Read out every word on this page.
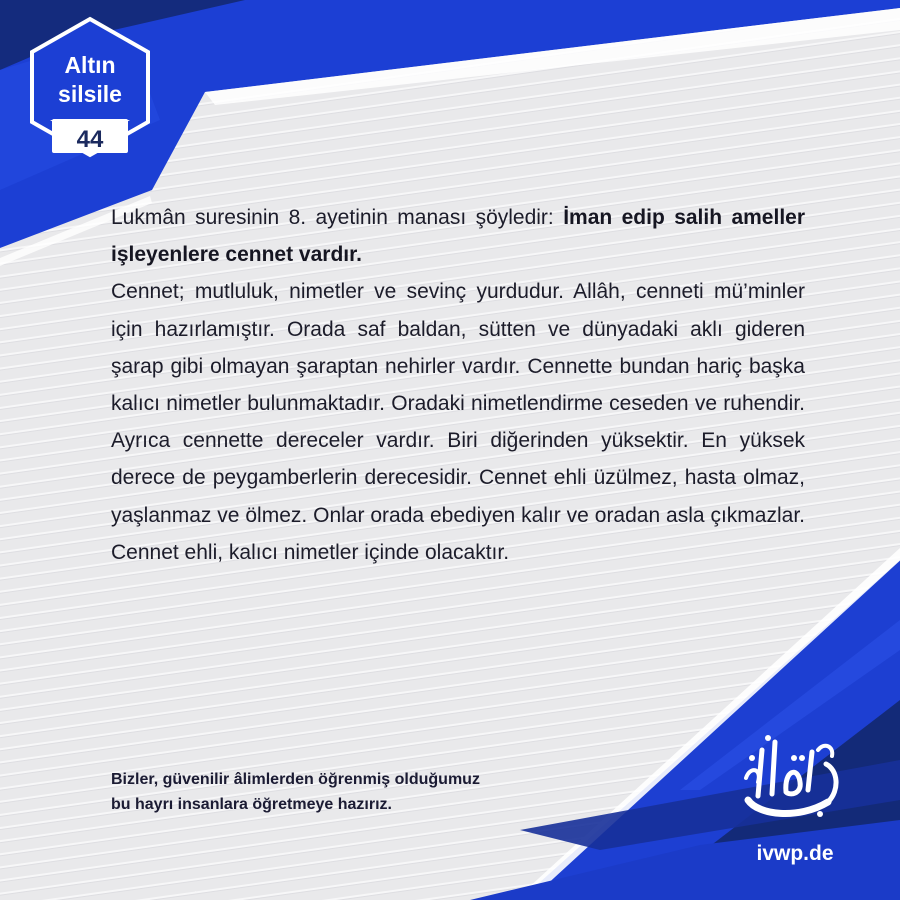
Altın
silsile
44

Lukmân suresinin 8. ayetinin manası şöyledir: İman edip salih ameller işleyenlere cennet vardır.

Cennet; mutluluk, nimetler ve sevinç yurdudur. Allâh, cenneti mü’minler için hazırlamıştır. Orada saf baldan, sütten ve dünyadaki aklı gideren şarap gibi olmayan şaraptan nehirler vardır. Cennette bundan hariç başka kalıcı nimetler bulunmaktadır. Oradaki nimetlendirme ceseden ve ruhendir. Ayrıca cennette dereceler vardır. Biri diğerinden yüksektir. En yüksek derece de peygamberlerin derecesidir. Cennet ehli üzülmez, hasta olmaz, yaşlanmaz ve ölmez. Onlar orada ebediyen kalır ve oradan asla çıkmazlar. Cennet ehli, kalıcı nimetler içinde olacaktır.

Bizler, güvenilir âlimlerden öğrenmiş olduğumuz
bu hayrı insanlara öğretmeye hazırız.
ivwp.de
